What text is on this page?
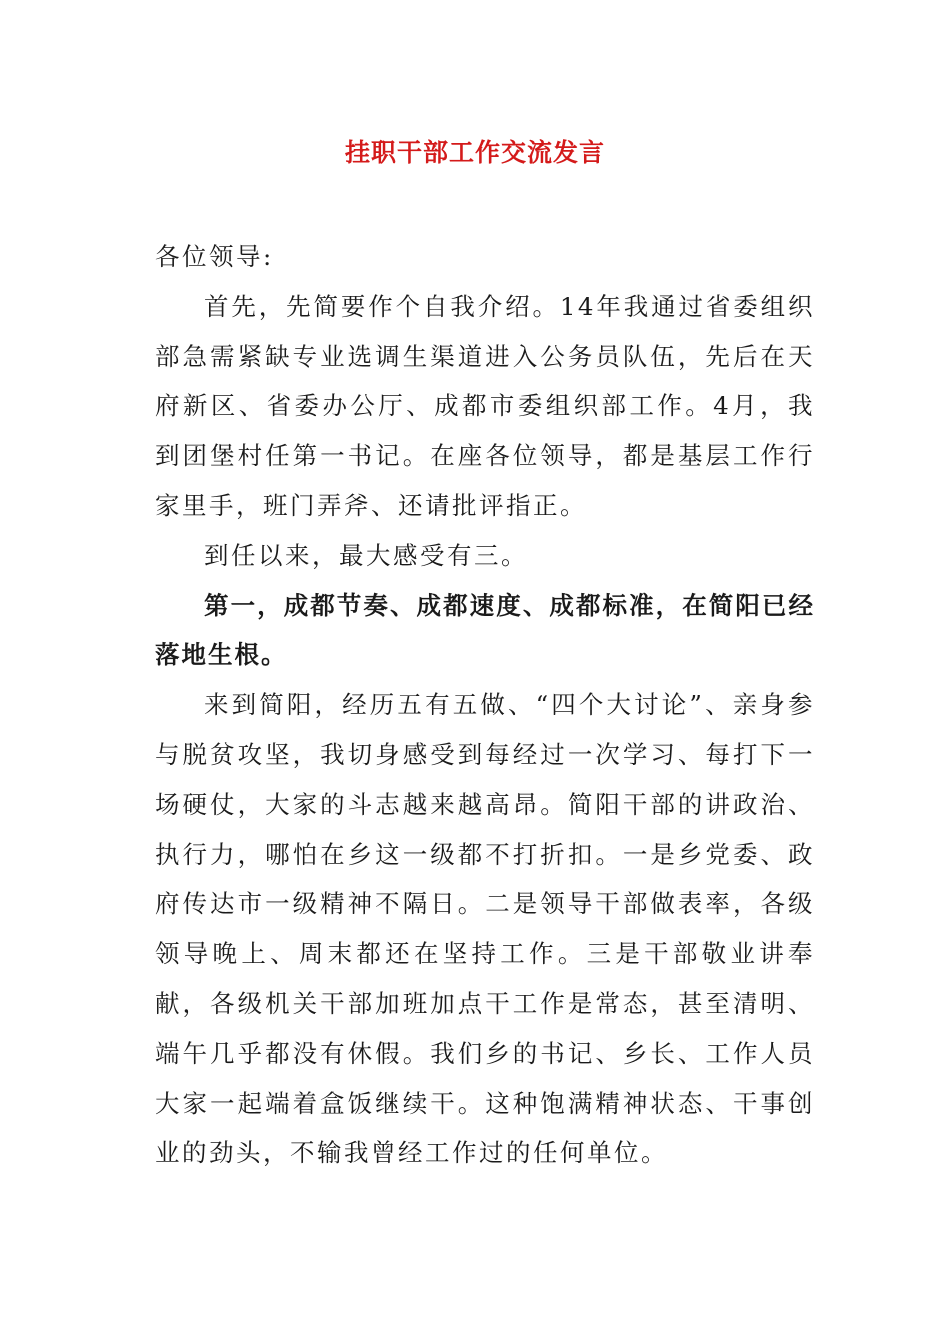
挂职干部工作交流发言

各位领导:

首先，先简要作个自我介绍。14年我通过省委组织部急需紧缺专业选调生渠道进入公务员队伍，先后在天府新区、省委办公厅、成都市委组织部工作。4月，我到团堡村任第一书记。在座各位领导，都是基层工作行家里手，班门弄斧、还请批评指正。

到任以来，最大感受有三。

第一，成都节奏、成都速度、成都标准，在简阳已经落地生根。

来到简阳，经历五有五做、“四个大讨论”、亲身参与脱贫攻坚，我切身感受到每经过一次学习、每打下一场硬仗，大家的斗志越来越高昂。简阳干部的讲政治、执行力，哪怕在乡这一级都不打折扣。一是乡党委、政府传达市一级精神不隔日。二是领导干部做表率，各级领导晚上、周末都还在坚持工作。三是干部敬业讲奉献，各级机关干部加班加点干工作是常态，甚至清明、端午几乎都没有休假。我们乡的书记、乡长、工作人员大家一起端着盒饭继续干。这种饱满精神状态、干事创业的劲头，不输我曾经工作过的任何单位。
